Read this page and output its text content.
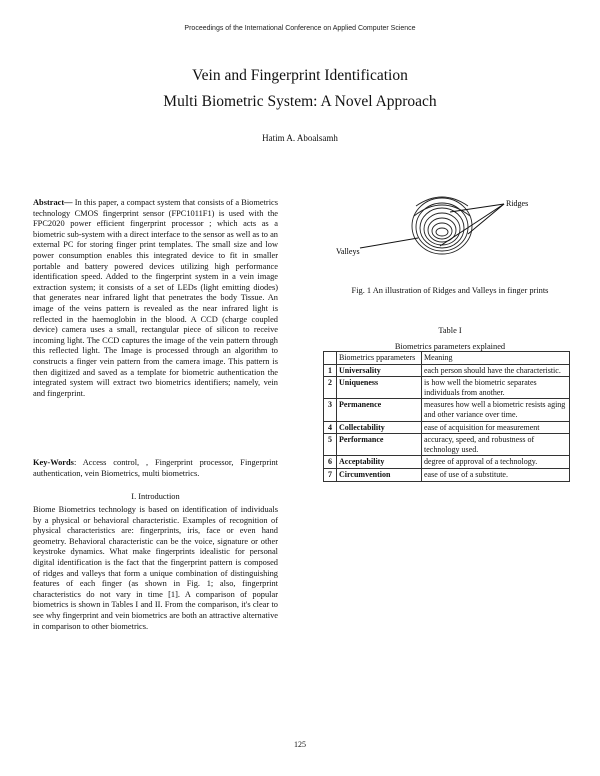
Proceedings of the International Conference on Applied Computer Science
Vein and Fingerprint Identification
Multi Biometric System: A Novel Approach
Hatim A. Aboalsamh

Abstract— In this paper, a compact system that consists of a Biometrics technology CMOS fingerprint sensor (FPC1011F1) is used with the FPC2020 power efficient fingerprint processor ; which acts as a biometric sub-system with a direct interface to the sensor as well as to an external PC for storing finger print templates. The small size and low power consumption enables this integrated device to fit in smaller portable and battery powered devices utilizing high performance identification speed. Added to the fingerprint system in a vein image extraction system; it consists of a set of LEDs (light emitting diodes) that generates near infrared light that penetrates the body Tissue. An image of the veins pattern is revealed as the near infrared light is reflected in the haemoglobin in the blood. A CCD (charge coupled device) camera uses a small, rectangular piece of silicon to receive incoming light. The CCD captures the image of the vein pattern through this reflected light. The Image is processed through an algorithm to constructs a finger vein pattern from the camera image. This pattern is then digitized and saved as a template for biometric authentication the integrated system will extract two biometrics identifiers; namely, vein and fingerprint.

Key-Words: Access control, , Fingerprint processor, Fingerprint authentication, vein Biometrics, multi biometrics.

I. Introduction

Biome Biometrics technology is based on identification of individuals by a physical or behavioral characteristic. Examples of recognition of physical characteristics are: fingerprints, iris, face or even hand geometry. Behavioral characteristic can be the voice, signature or other keystroke dynamics. What make fingerprints idealistic for personal digital identification is the fact that the fingerprint pattern is composed of ridges and valleys that form a unique combination of distinguishing features of each finger (as shown in Fig. 1; also, fingerprint characteristics do not vary in time [1]. A comparison of popular biometrics is shown in Tables I and II. From the comparison, it's clear to see why fingerprint and vein biometrics are both an attractive alternative in comparison to other biometrics.

Ridges
Valleys
Fig. 1 An illustration of Ridges and Valleys in finger prints
Table I
Biometrics parameters explained
	Biometrics pparameters	Meaning
1	Universality	each person should have the characteristic.
2	Uniqueness	is how well the biometric separates individuals from another.
3	Permanence	measures how well a biometric resists aging and other variance over time.
4	Collectability	ease of acquisition for measurement
5	Performance	accuracy, speed, and robustness of technology used.
6	Acceptability	degree of approval of a technology.
7	Circumvention	ease of use of a substitute.
125
